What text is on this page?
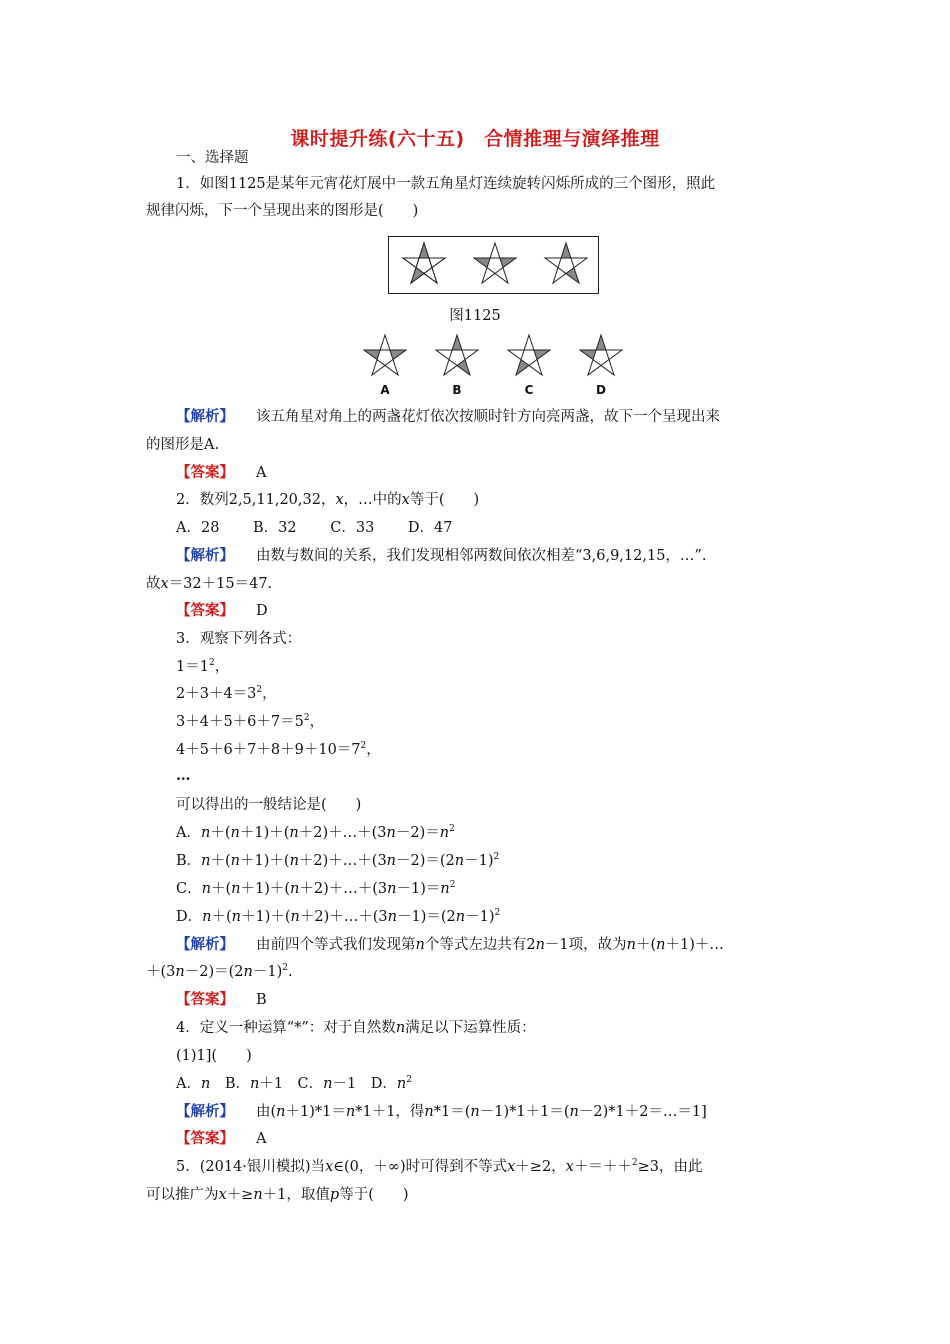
课时提升练(六十五)　合情推理与演绎推理
一、选择题
1．如图1125是某年元宵花灯展中一款五角星灯连续旋转闪烁所成的三个图形，照此
规律闪烁，下一个呈现出来的图形是(　　)
图1125
A	B	C	D
【解析】 该五角星对角上的两盏花灯依次按顺时针方向亮两盏，故下一个呈现出来
的图形是A.
【答案】 A
2．数列2,5,11,20,32，x，…中的x等于(　　)
A．28　　 B．32　　 C．33　　 D．47
【解析】 由数与数间的关系，我们发现相邻两数间依次相差“3,6,9,12,15，…”.
故x＝32＋15＝47.
【答案】 D
3．观察下列各式：
$1=1^2$，
$2+3+4=3^2$，
$3+4+5+6+7=5^2$，
$4+5+6+7+8+9+10=7^2$，
…
可以得出的一般结论是(　　)
A．$n+(n+1)+(n+2)+\dots+(3n-2)=n^2$
B．$n+(n+1)+(n+2)+\dots+(3n-2)=(2n-1)^2$
C．$n+(n+1)+(n+2)+\dots+(3n-1)=n^2$
D．$n+(n+1)+(n+2)+\dots+(3n-1)=(2n-1)^2$
【解析】 由前四个等式我们发现第n个等式左边共有2n－1项，故为n＋(n＋1)＋…
$+(3n-2)=(2n-1)^2$.
【答案】 B
4．定义一种运算“*”：对于自然数n满足以下运算性质：
(1)1](　　)
A．n　B．n＋1　C．n－1　D．$n^2$
【解析】 由(n＋1)*1＝n*1＋1，得n*1＝(n－1)*1＋1＝(n－2)*1＋2＝…＝1]
【答案】 A
5．(2014·银川模拟)当x∈(0，＋∞)时可得到不等式x＋≥2，x＋＝＋＋$^2$≥3，由此
可以推广为x＋≥n＋1，取值p等于(　　)
